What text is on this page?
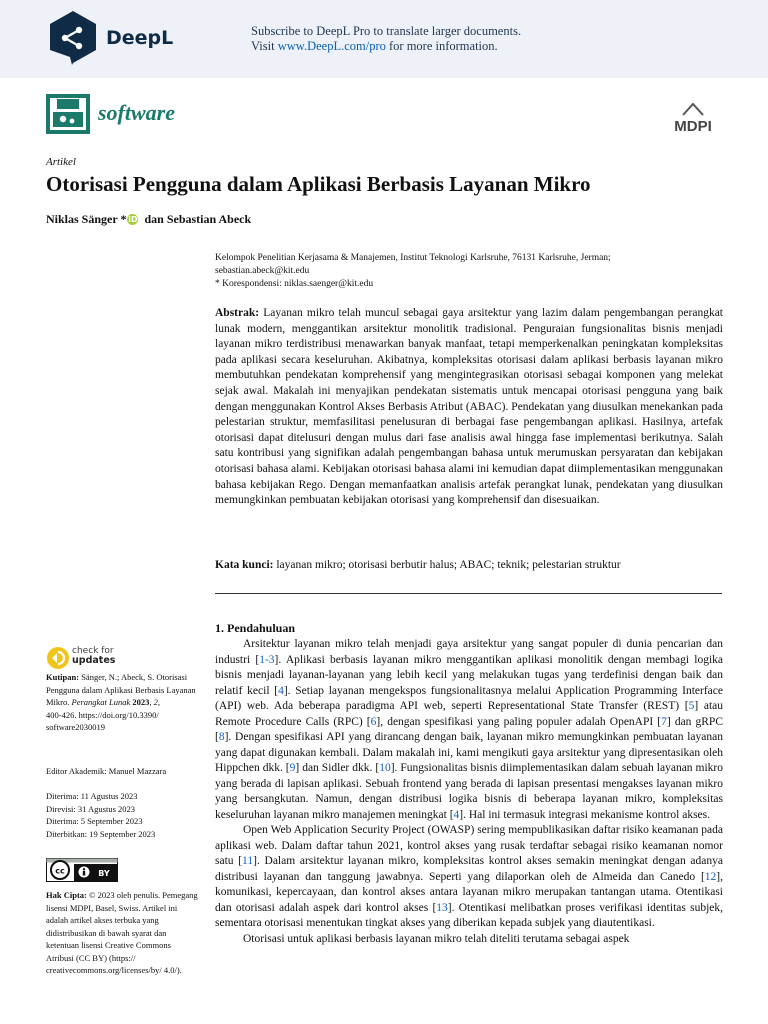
DeepL	Subscribe to DeepL Pro to translate larger documents.
Visit www.DeepL.com/pro for more information.
software
MDPI
Artikel
Otorisasi Pengguna dalam Aplikasi Berbasis Layanan Mikro
Niklas Sänger * iD dan Sebastian Abeck
Kelompok Penelitian Kerjasama & Manajemen, Institut Teknologi Karlsruhe, 76131 Karlsruhe, Jerman;
sebastian.abeck@kit.edu
* Korespondensi: niklas.saenger@kit.edu
Abstrak: Layanan mikro telah muncul sebagai gaya arsitektur yang lazim dalam pengembangan perangkat lunak modern, menggantikan arsitektur monolitik tradisional. Penguraian fungsionalitas bisnis menjadi layanan mikro terdistribusi menawarkan banyak manfaat, tetapi memperkenalkan peningkatan kompleksitas pada aplikasi secara keseluruhan. Akibatnya, kompleksitas otorisasi dalam aplikasi berbasis layanan mikro membutuhkan pendekatan komprehensif yang mengintegrasikan otorisasi sebagai komponen yang melekat sejak awal. Makalah ini menyajikan pendekatan sistematis untuk mencapai otorisasi pengguna yang baik dengan menggunakan Kontrol Akses Berbasis Atribut (ABAC). Pendekatan yang diusulkan menekankan pada pelestarian struktur, memfasilitasi penelusuran di berbagai fase pengembangan aplikasi. Hasilnya, artefak otorisasi dapat ditelusuri dengan mulus dari fase analisis awal hingga fase implementasi berikutnya. Salah satu kontribusi yang signifikan adalah pengembangan bahasa untuk merumuskan persyaratan dan kebijakan otorisasi bahasa alami. Kebijakan otorisasi bahasa alami ini kemudian dapat diimplementasikan menggunakan bahasa kebijakan Rego. Dengan memanfaatkan analisis artefak perangkat lunak, pendekatan yang diusulkan memungkinkan pembuatan kebijakan otorisasi yang komprehensif dan disesuaikan.
Kata kunci: layanan mikro; otorisasi berbutir halus; ABAC; teknik; pelestarian struktur
1. Pendahuluan

Arsitektur layanan mikro telah menjadi gaya arsitektur yang sangat populer di dunia pencarian dan industri [1-3]. Aplikasi berbasis layanan mikro menggantikan aplikasi monolitik dengan membagi logika bisnis menjadi layanan-layanan yang lebih kecil yang melakukan tugas yang terdefinisi dengan baik dan relatif kecil [4]. Setiap layanan mengekspos fungsionalitasnya melalui Application Programming Interface (API) web. Ada beberapa paradigma API web, seperti Representational State Transfer (REST) [5] atau Remote Procedure Calls (RPC) [6], dengan spesifikasi yang paling populer adalah OpenAPI [7] dan gRPC [8]. Dengan spesifikasi API yang dirancang dengan baik, layanan mikro memungkinkan pembuatan layanan yang dapat digunakan kembali. Dalam makalah ini, kami mengikuti gaya arsitektur yang dipresentasikan oleh Hippchen dkk. [9] dan Sidler dkk. [10]. Fungsionalitas bisnis diimplementasikan dalam sebuah layanan mikro yang berada di lapisan aplikasi. Sebuah frontend yang berada di lapisan presentasi mengakses layanan mikro yang bersangkutan. Namun, dengan distribusi logika bisnis di beberapa layanan mikro, kompleksitas keseluruhan layanan mikro manajemen meningkat [4]. Hal ini termasuk integrasi mekanisme kontrol akses.

Open Web Application Security Project (OWASP) sering mempublikasikan daftar risiko keamanan pada aplikasi web. Dalam daftar tahun 2021, kontrol akses yang rusak terdaftar sebagai risiko keamanan nomor satu [11]. Dalam arsitektur layanan mikro, kompleksitas kontrol akses semakin meningkat dengan adanya distribusi layanan dan tanggung jawabnya. Seperti yang dilaporkan oleh de Almeida dan Canedo [12], komunikasi, kepercayaan, dan kontrol akses antara layanan mikro merupakan tantangan utama. Otentikasi dan otorisasi adalah aspek dari kontrol akses [13]. Otentikasi melibatkan proses verifikasi identitas subjek, sementara otorisasi menentukan tingkat akses yang diberikan kepada subjek yang diautentikasi.

Otorisasi untuk aplikasi berbasis layanan mikro telah diteliti terutama sebagai aspek

check for
updates
Kutipan: Sänger, N.; Abeck, S. Otorisasi Pengguna dalam Aplikasi Berbasis Layanan Mikro. Perangkat Lunak 2023, 2,
400-426. https://doi.org/10.3390/ software2030019
Editor Akademik: Manuel Mazzara
Diterima: 11 Agustus 2023
Direvisi: 31 Agustus 2023
Diterima: 5 September 2023
Diterbitkan: 19 September 2023
cc	BY
Hak Cipta: © 2023 oleh penulis. Pemegang lisensi MDPI, Basel, Swiss. Artikel ini adalah artikel akses terbuka yang didistribusikan di bawah syarat dan ketentuan lisensi Creative Commons Atribusi (CC BY) (https:// creativecommons.org/licenses/by/ 4.0/).
